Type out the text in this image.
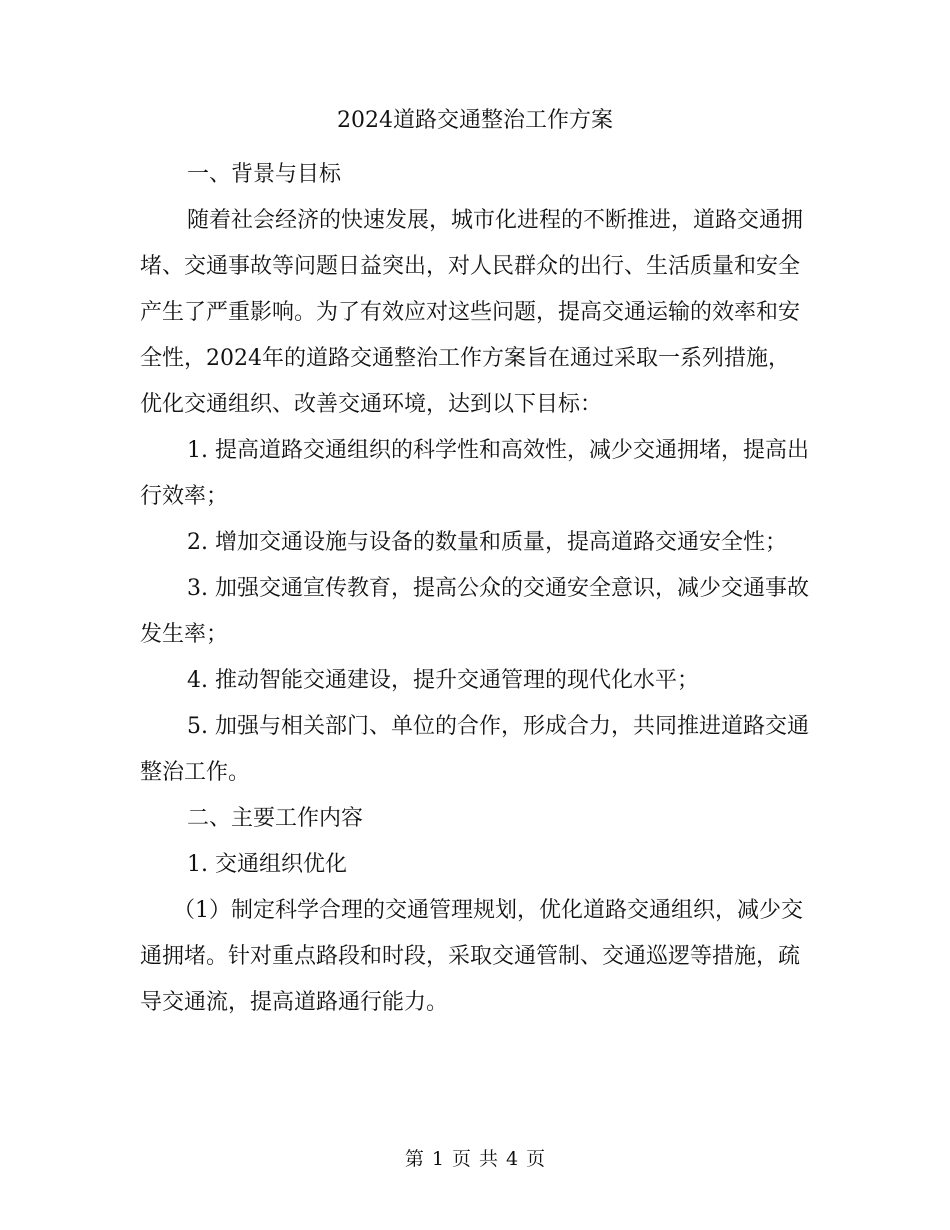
2024道路交通整治工作方案

一、背景与目标

随着社会经济的快速发展，城市化进程的不断推进，道路交通拥堵、交通事故等问题日益突出，对人民群众的出行、生活质量和安全产生了严重影响。为了有效应对这些问题，提高交通运输的效率和安全性，2024年的道路交通整治工作方案旨在通过采取一系列措施，优化交通组织、改善交通环境，达到以下目标：

1. 提高道路交通组织的科学性和高效性，减少交通拥堵，提高出行效率；

2. 增加交通设施与设备的数量和质量，提高道路交通安全性；

3. 加强交通宣传教育，提高公众的交通安全意识，减少交通事故发生率；

4. 推动智能交通建设，提升交通管理的现代化水平；

5. 加强与相关部门、单位的合作，形成合力，共同推进道路交通整治工作。

二、主要工作内容

1. 交通组织优化

（1）制定科学合理的交通管理规划，优化道路交通组织，减少交通拥堵。针对重点路段和时段，采取交通管制、交通巡逻等措施，疏导交通流，提高道路通行能力。

第 1 页 共 4 页
